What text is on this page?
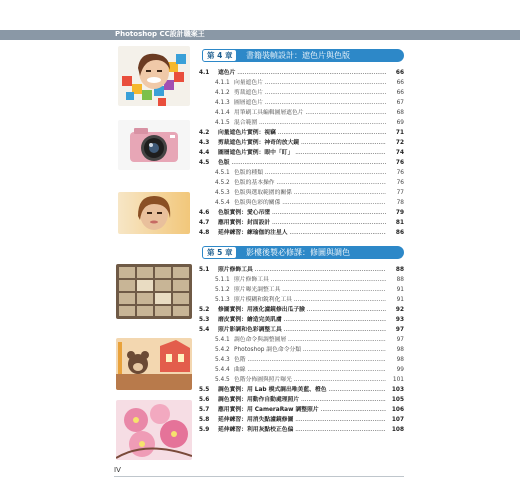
Photoshop CC設計職案王
第 4 章	書籍裝幀設計：遮色片與色版
4.1 遮色片 .....	66
4.1.1 向量遮色片 .....	66
4.1.2 剪裁遮色片 .....	66
4.1.3 圖層遮色片 .....	67
4.1.4 用筆刷工具編輯圖層遮色片 .....	68
4.1.5 混合範圍 .....	69
4.2 向量遮色片實例：視竊 .....	71
4.3 剪裁遮色片實例：神奇的放大鏡 .....	72
4.4 圖層遮色片實例：眼中「盯」 .....	74
4.5 色版 .....	76
4.5.1 色版的種類 .....	76
4.5.2 色版的基本操作 .....	76
4.5.3 色版與選取範圍的關係 .....	77
4.5.4 色版與色彩的關係 .....	78
4.6 色版實例：愛心吊墜 .....	79
4.7 應用實例：封面設計 .....	81
4.8 延伸練習：練瑜伽的注星人 .....	86
第 5 章	影樓後製必修課：修圖與調色
5.1 照片修飾工具 .....	88
5.1.1 照片修飾工具 .....	88
5.1.2 照片曝光調整工具 .....	91
5.1.3 照片模糊和銳利化工具 .....	91
5.2 修圖實例：用液化濾鏡修出瓜子臉 .....	92
5.3 磨皮實例：繪造完美肌膚 .....	93
5.4 照片影調和色彩調整工具 .....	97
5.4.1 調色命令與調整圖層 .....	97
5.4.2 Photoshop 調色命令分類 .....	98
5.4.3 色階 .....	98
5.4.4 曲線 .....	99
5.4.5 色階分佈圖與照片曝光 .....	101
5.5 調色實例：用 Lab 模式調出唯美藍、橙色 .....	103
5.6 調色實例：用動作自動處理照片 .....	105
5.7 應用實例：用 CameraRaw 調整照片 .....	106
5.8 延伸練習：用消失點濾鏡修圖 .....	107
5.9 延伸練習：利用灰點校正色偏 .....	108
IV
